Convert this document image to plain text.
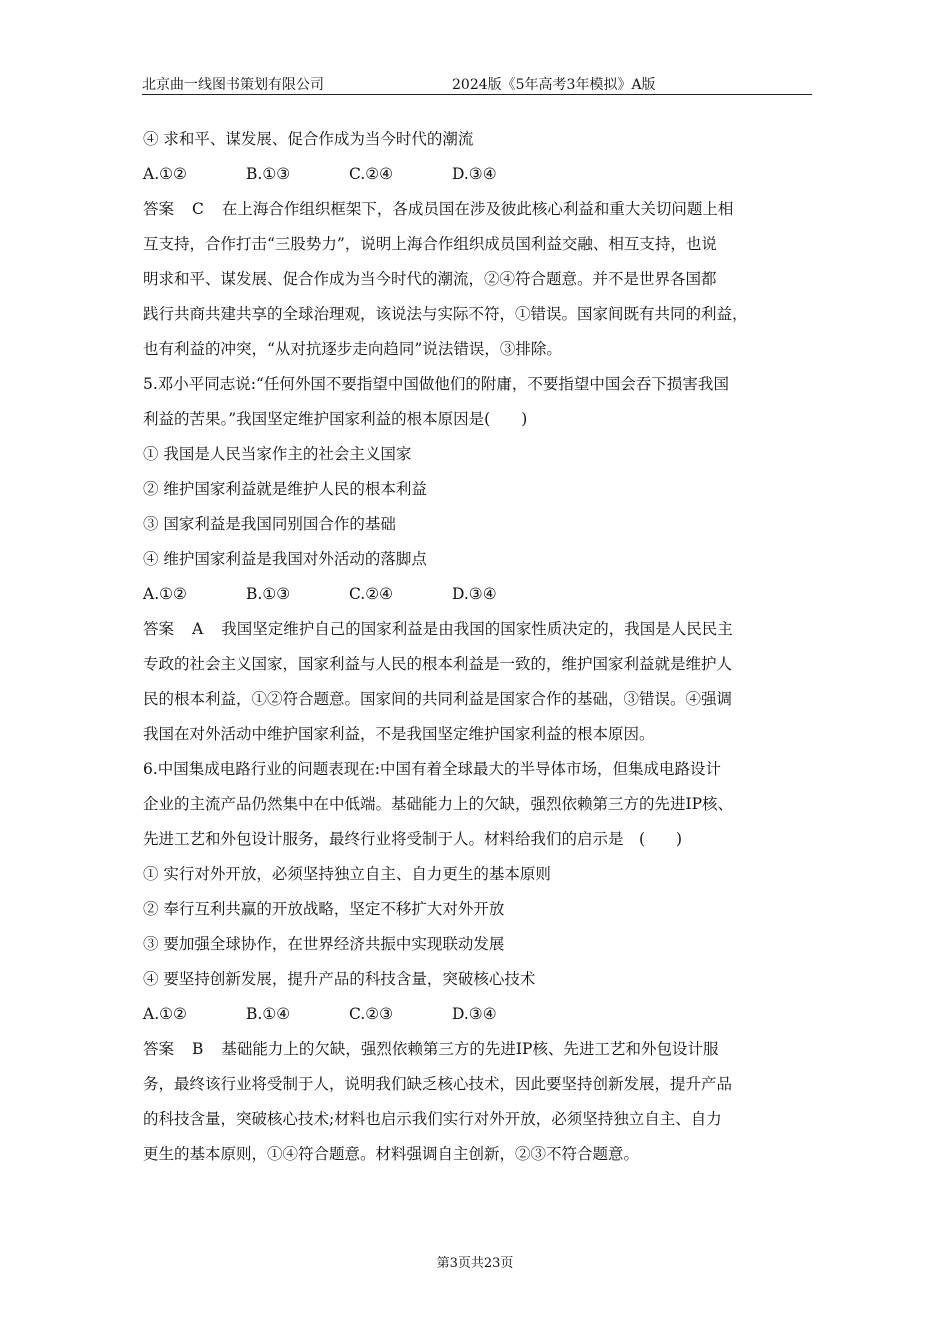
北京曲一线图书策划有限公司	2024版《5年高考3年模拟》A版
④ 求和平、谋发展、促合作成为当今时代的潮流
A.①②	B.①③	C.②④	D.③④
答案 C 在上海合作组织框架下，各成员国在涉及彼此核心利益和重大关切问题上相
互支持，合作打击“三股势力”，说明上海合作组织成员国利益交融、相互支持，也说
明求和平、谋发展、促合作成为当今时代的潮流，②④符合题意。并不是世界各国都
践行共商共建共享的全球治理观，该说法与实际不符，①错误。国家间既有共同的利益，
也有利益的冲突，“从对抗逐步走向趋同”说法错误，③排除。
5.邓小平同志说:“任何外国不要指望中国做他们的附庸，不要指望中国会吞下损害我国
利益的苦果。”我国坚定维护国家利益的根本原因是(　　)
① 我国是人民当家作主的社会主义国家
② 维护国家利益就是维护人民的根本利益
③ 国家利益是我国同别国合作的基础
④ 维护国家利益是我国对外活动的落脚点
A.①②	B.①③	C.②④	D.③④
答案 A 我国坚定维护自己的国家利益是由我国的国家性质决定的，我国是人民民主
专政的社会主义国家，国家利益与人民的根本利益是一致的，维护国家利益就是维护人
民的根本利益，①②符合题意。国家间的共同利益是国家合作的基础，③错误。④强调
我国在对外活动中维护国家利益，不是我国坚定维护国家利益的根本原因。
6.中国集成电路行业的问题表现在:中国有着全球最大的半导体市场，但集成电路设计
企业的主流产品仍然集中在中低端。基础能力上的欠缺，强烈依赖第三方的先进IP核、
先进工艺和外包设计服务，最终行业将受制于人。材料给我们的启示是　(　　)
① 实行对外开放，必须坚持独立自主、自力更生的基本原则
② 奉行互利共赢的开放战略，坚定不移扩大对外开放
③ 要加强全球协作，在世界经济共振中实现联动发展
④ 要坚持创新发展，提升产品的科技含量，突破核心技术
A.①②	B.①④	C.②③	D.③④
答案 B 基础能力上的欠缺，强烈依赖第三方的先进IP核、先进工艺和外包设计服
务，最终该行业将受制于人，说明我们缺乏核心技术，因此要坚持创新发展，提升产品
的科技含量，突破核心技术;材料也启示我们实行对外开放，必须坚持独立自主、自力
更生的基本原则，①④符合题意。材料强调自主创新，②③不符合题意。
第3页共23页
